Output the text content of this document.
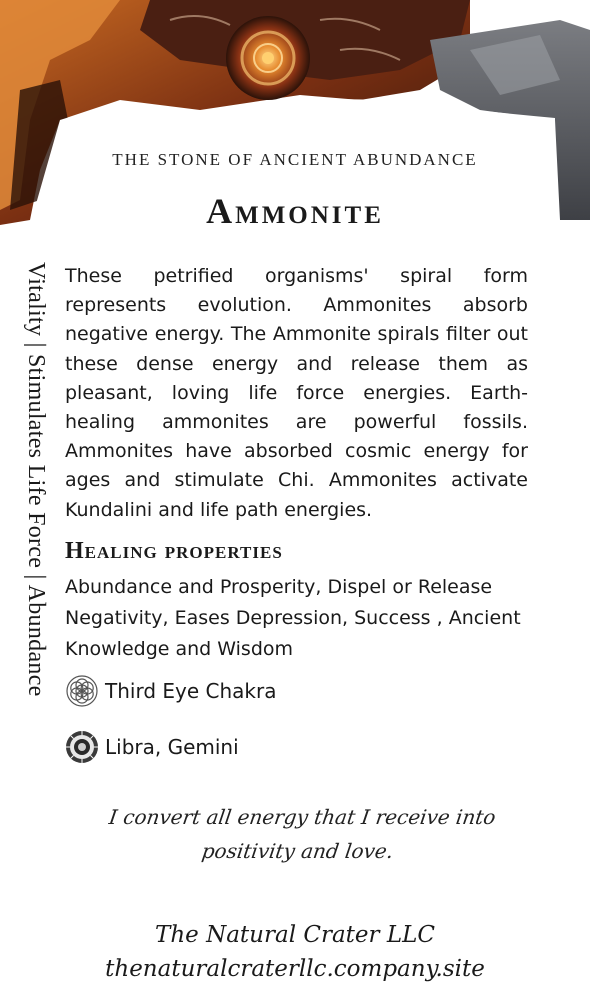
THE STONE OF ANCIENT ABUNDANCE
Ammonite
Vitality | Stimulates Life Force | Abundance These petrified organisms' spiral form represents evolution. Ammonites absorb negative energy. The Ammonite spirals filter out these dense energy and release them as pleasant, loving life force energies. Earth-healing ammonites are powerful fossils. Ammonites have absorbed cosmic energy for ages and stimulate Chi. Ammonites activate Kundalini and life path energies.

Healing properties

Abundance and Prosperity, Dispel or Release Negativity, Eases Depression, Success , Ancient Knowledge and Wisdom

Third Eye Chakra
Libra, Gemini
I convert all energy that I receive into positivity and love.
The Natural Crater LLC
thenaturalcraterllc.company.site
